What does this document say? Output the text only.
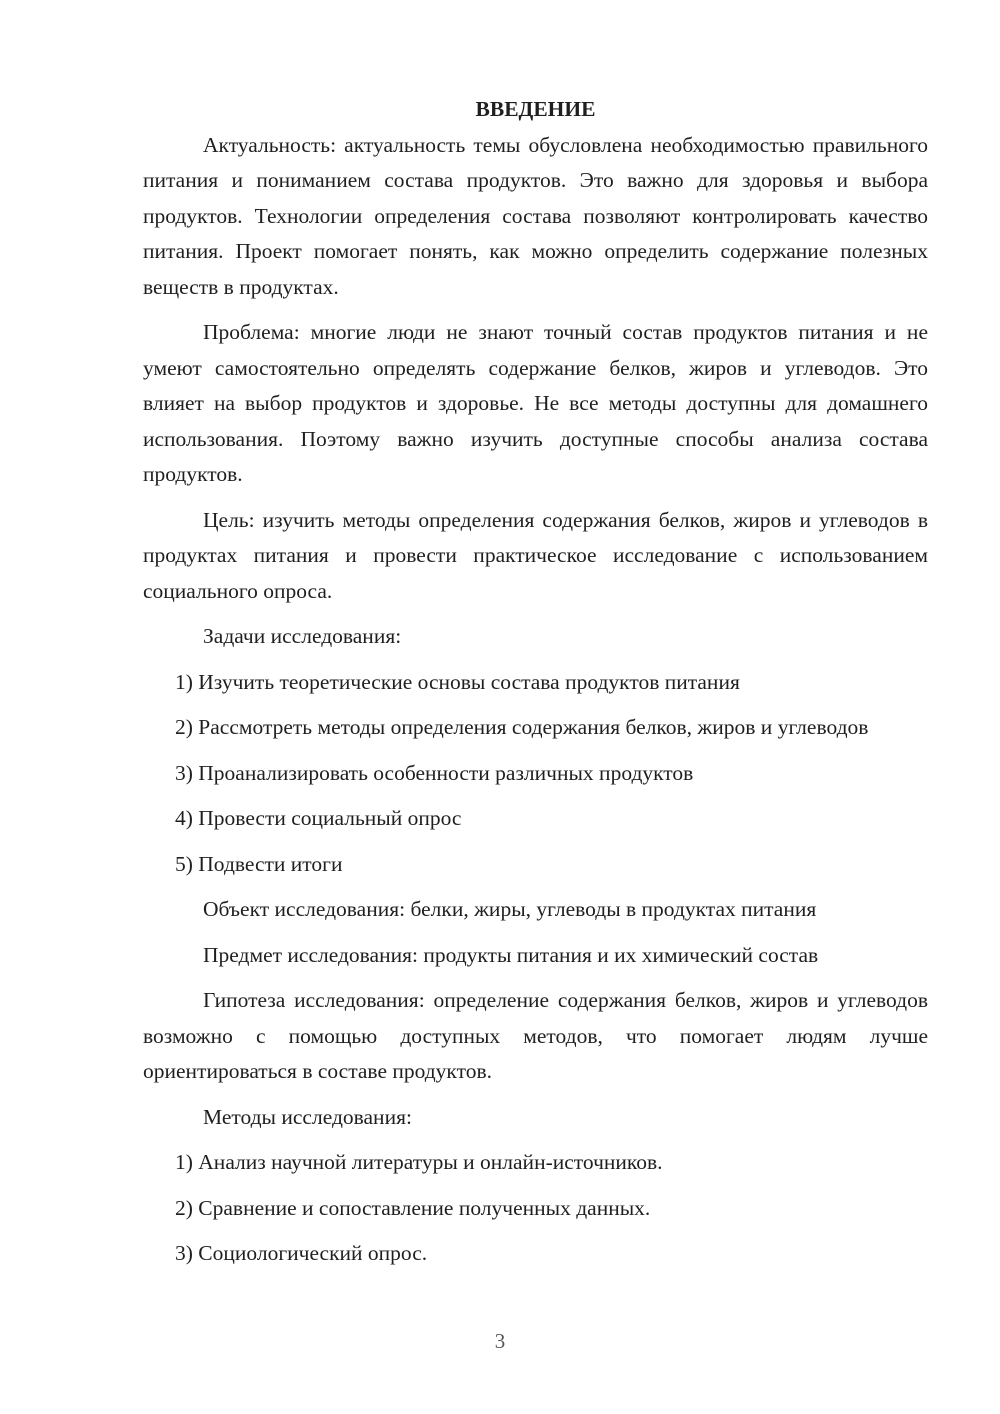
ВВЕДЕНИЕ

Актуальность: актуальность темы обусловлена необходимостью правильного питания и пониманием состава продуктов. Это важно для здоровья и выбора продуктов. Технологии определения состава позволяют контролировать качество питания. Проект помогает понять, как можно определить содержание полезных веществ в продуктах.

Проблема: многие люди не знают точный состав продуктов питания и не умеют самостоятельно определять содержание белков, жиров и углеводов. Это влияет на выбор продуктов и здоровье. Не все методы доступны для домашнего использования. Поэтому важно изучить доступные способы анализа состава продуктов.

Цель: изучить методы определения содержания белков, жиров и углеводов в продуктах питания и провести практическое исследование с использованием социального опроса.

Задачи исследования:

1) Изучить теоретические основы состава продуктов питания

2) Рассмотреть методы определения содержания белков, жиров и углеводов

3) Проанализировать особенности различных продуктов

4) Провести социальный опрос

5) Подвести итоги

Объект исследования: белки, жиры, углеводы в продуктах питания

Предмет исследования: продукты питания и их химический состав

Гипотеза исследования: определение содержания белков, жиров и углеводов возможно с помощью доступных методов, что помогает людям лучше ориентироваться в составе продуктов.

Методы исследования:

1) Анализ научной литературы и онлайн-источников.

2) Сравнение и сопоставление полученных данных.

3) Социологический опрос.

3
